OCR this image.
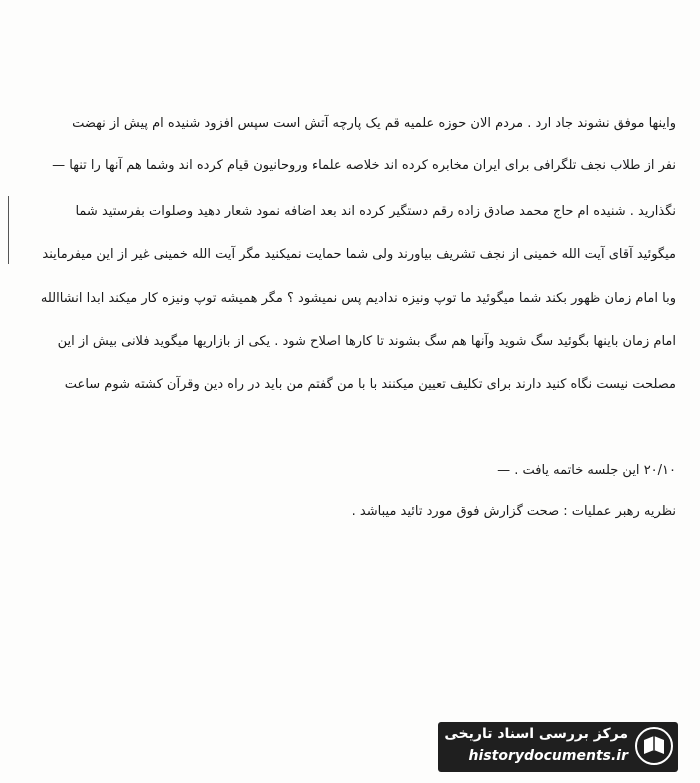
واینها موفق نشوند جاد ارد . مردم الان حوزه علمیه قم یک پارچه آتش است سپس افزود شنیده ام پیش از نهضت
نفر از طلاب نجف تلگرافی برای ایران مخابره کرده اند خلاصه علماء وروحانیون قیام کرده اند وشما هم آنها را تنها —
نگذارید . شنیده ام حاج محمد صادق زاده رقم دستگیر کرده اند بعد اضافه نمود شعار دهید وصلوات بفرستید شما
میگوئید آقای آیت الله خمینی از نجف تشریف بیاورند ولی شما حمایت نمیکنید مگر آیت الله خمینی غیر از این میفرمایند
وبا امام زمان ظهور بکند شما میگوئید ما توپ ونیزه ندادیم پس نمیشود ؟ مگر همیشه توپ ونیزه کار میکند ابدا انشاالله
امام زمان باینها بگوئید سگ شوید وآنها هم سگ بشوند تا کارها اصلاح شود . یکی از بازاریها میگوید فلانی بیش از این
مصلحت نیست نگاه کنید دارند برای تکلیف تعیین میکنند با با من گفتم من باید در راه دین وقرآن کشته شوم ساعت
۲۰/۱۰ این جلسه خاتمه یافت . —
نظریه رهبر عملیات : صحت گزارش فوق مورد تائید میباشد .
مرکز بررسی اسناد تاریخی
historydocuments.ir
